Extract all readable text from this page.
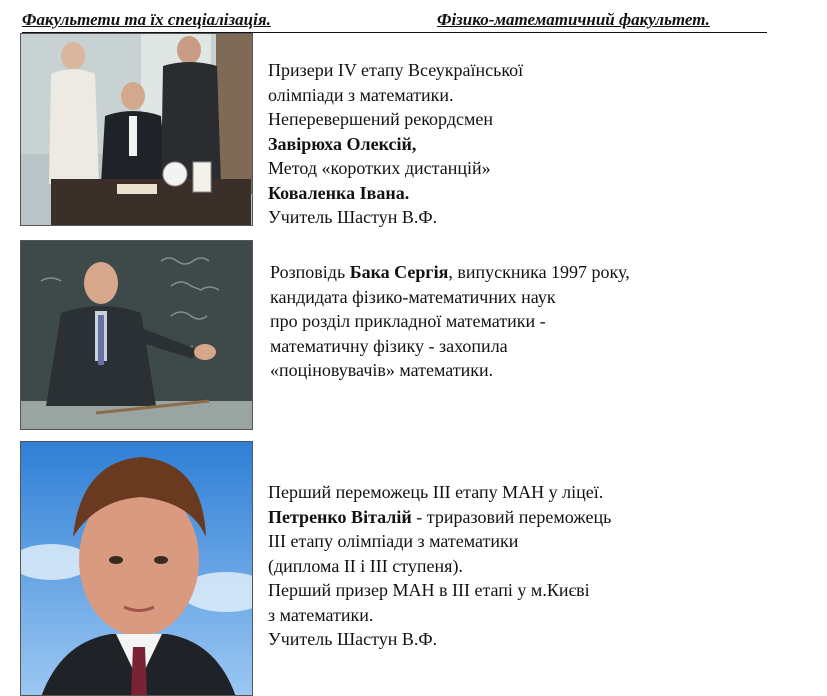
Факультети та їх спеціалізація.	Фізико-математичний факультет.
Призери IV етапу Всеукраїнської
олімпіади з математики.
Неперевершений рекордсмен
Завірюха Олексій,
Метод «коротких дистанцій»
Коваленка Івана.
Учитель Шастун В.Ф.
Розповідь Бака Сергія, випускника 1997 року,
кандидата фізико-математичних наук
про розділ прикладної математики -
математичну фізику - захопила
«поціновувачів» математики.
Перший переможець ІІІ етапу МАН у ліцеї.
Петренко Віталій - триразовий переможець
ІІІ етапу олімпіади з математики
(диплома ІІ і ІІІ ступеня).
Перший призер МАН в ІІІ етапі у м.Києві
з математики.
Учитель Шастун В.Ф.
